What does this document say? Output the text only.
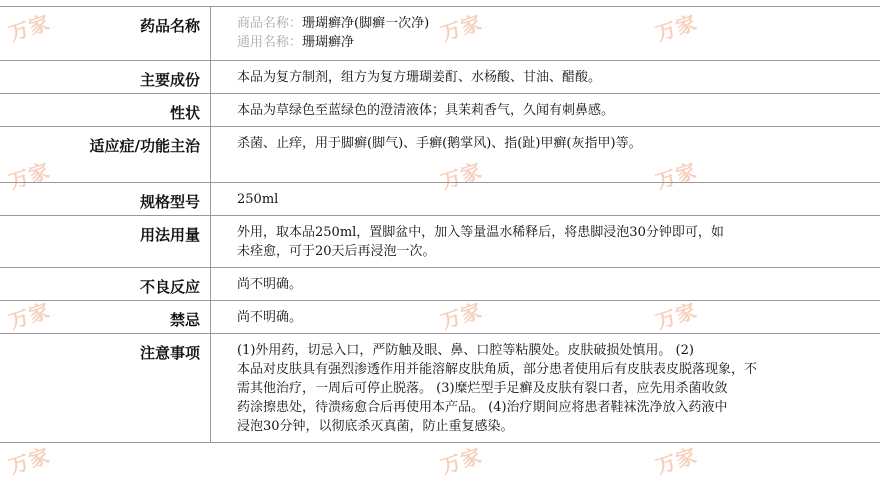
万家	万家	万家
万家	万家	万家
万家	万家	万家
万家	万家	万家
药品名称	商品名称：珊瑚癣净(脚癣一次净)
通用名称：珊瑚癣净

主要成份	本品为复方制剂，组方为复方珊瑚姜酊、水杨酸、甘油、醋酸。
性状	本品为草绿色至蓝绿色的澄清液体；具茉莉香气，久闻有刺鼻感。
适应症/功能主治	杀菌、止痒，用于脚癣(脚气)、手癣(鹅掌风)、指(趾)甲癣(灰指甲)等。
规格型号	250ml
用法用量	外用，取本品250ml，置脚盆中，加入等量温水稀释后，将患脚浸泡30分钟即可，如
未痊愈，可于20天后再浸泡一次。

不良反应	尚不明确。
禁忌	尚不明确。
注意事项	(1)外用药，切忌入口，严防触及眼、鼻、口腔等粘膜处。皮肤破损处慎用。 (2)
本品对皮肤具有强烈渗透作用并能溶解皮肤角质，部分患者使用后有皮肤表皮脱落现象，不
需其他治疗，一周后可停止脱落。 (3)糜烂型手足癣及皮肤有裂口者，应先用杀菌收敛
药涂擦患处，待溃疡愈合后再使用本产品。 (4)治疗期间应将患者鞋袜洗净放入药液中
浸泡30分钟，以彻底杀灭真菌，防止重复感染。
